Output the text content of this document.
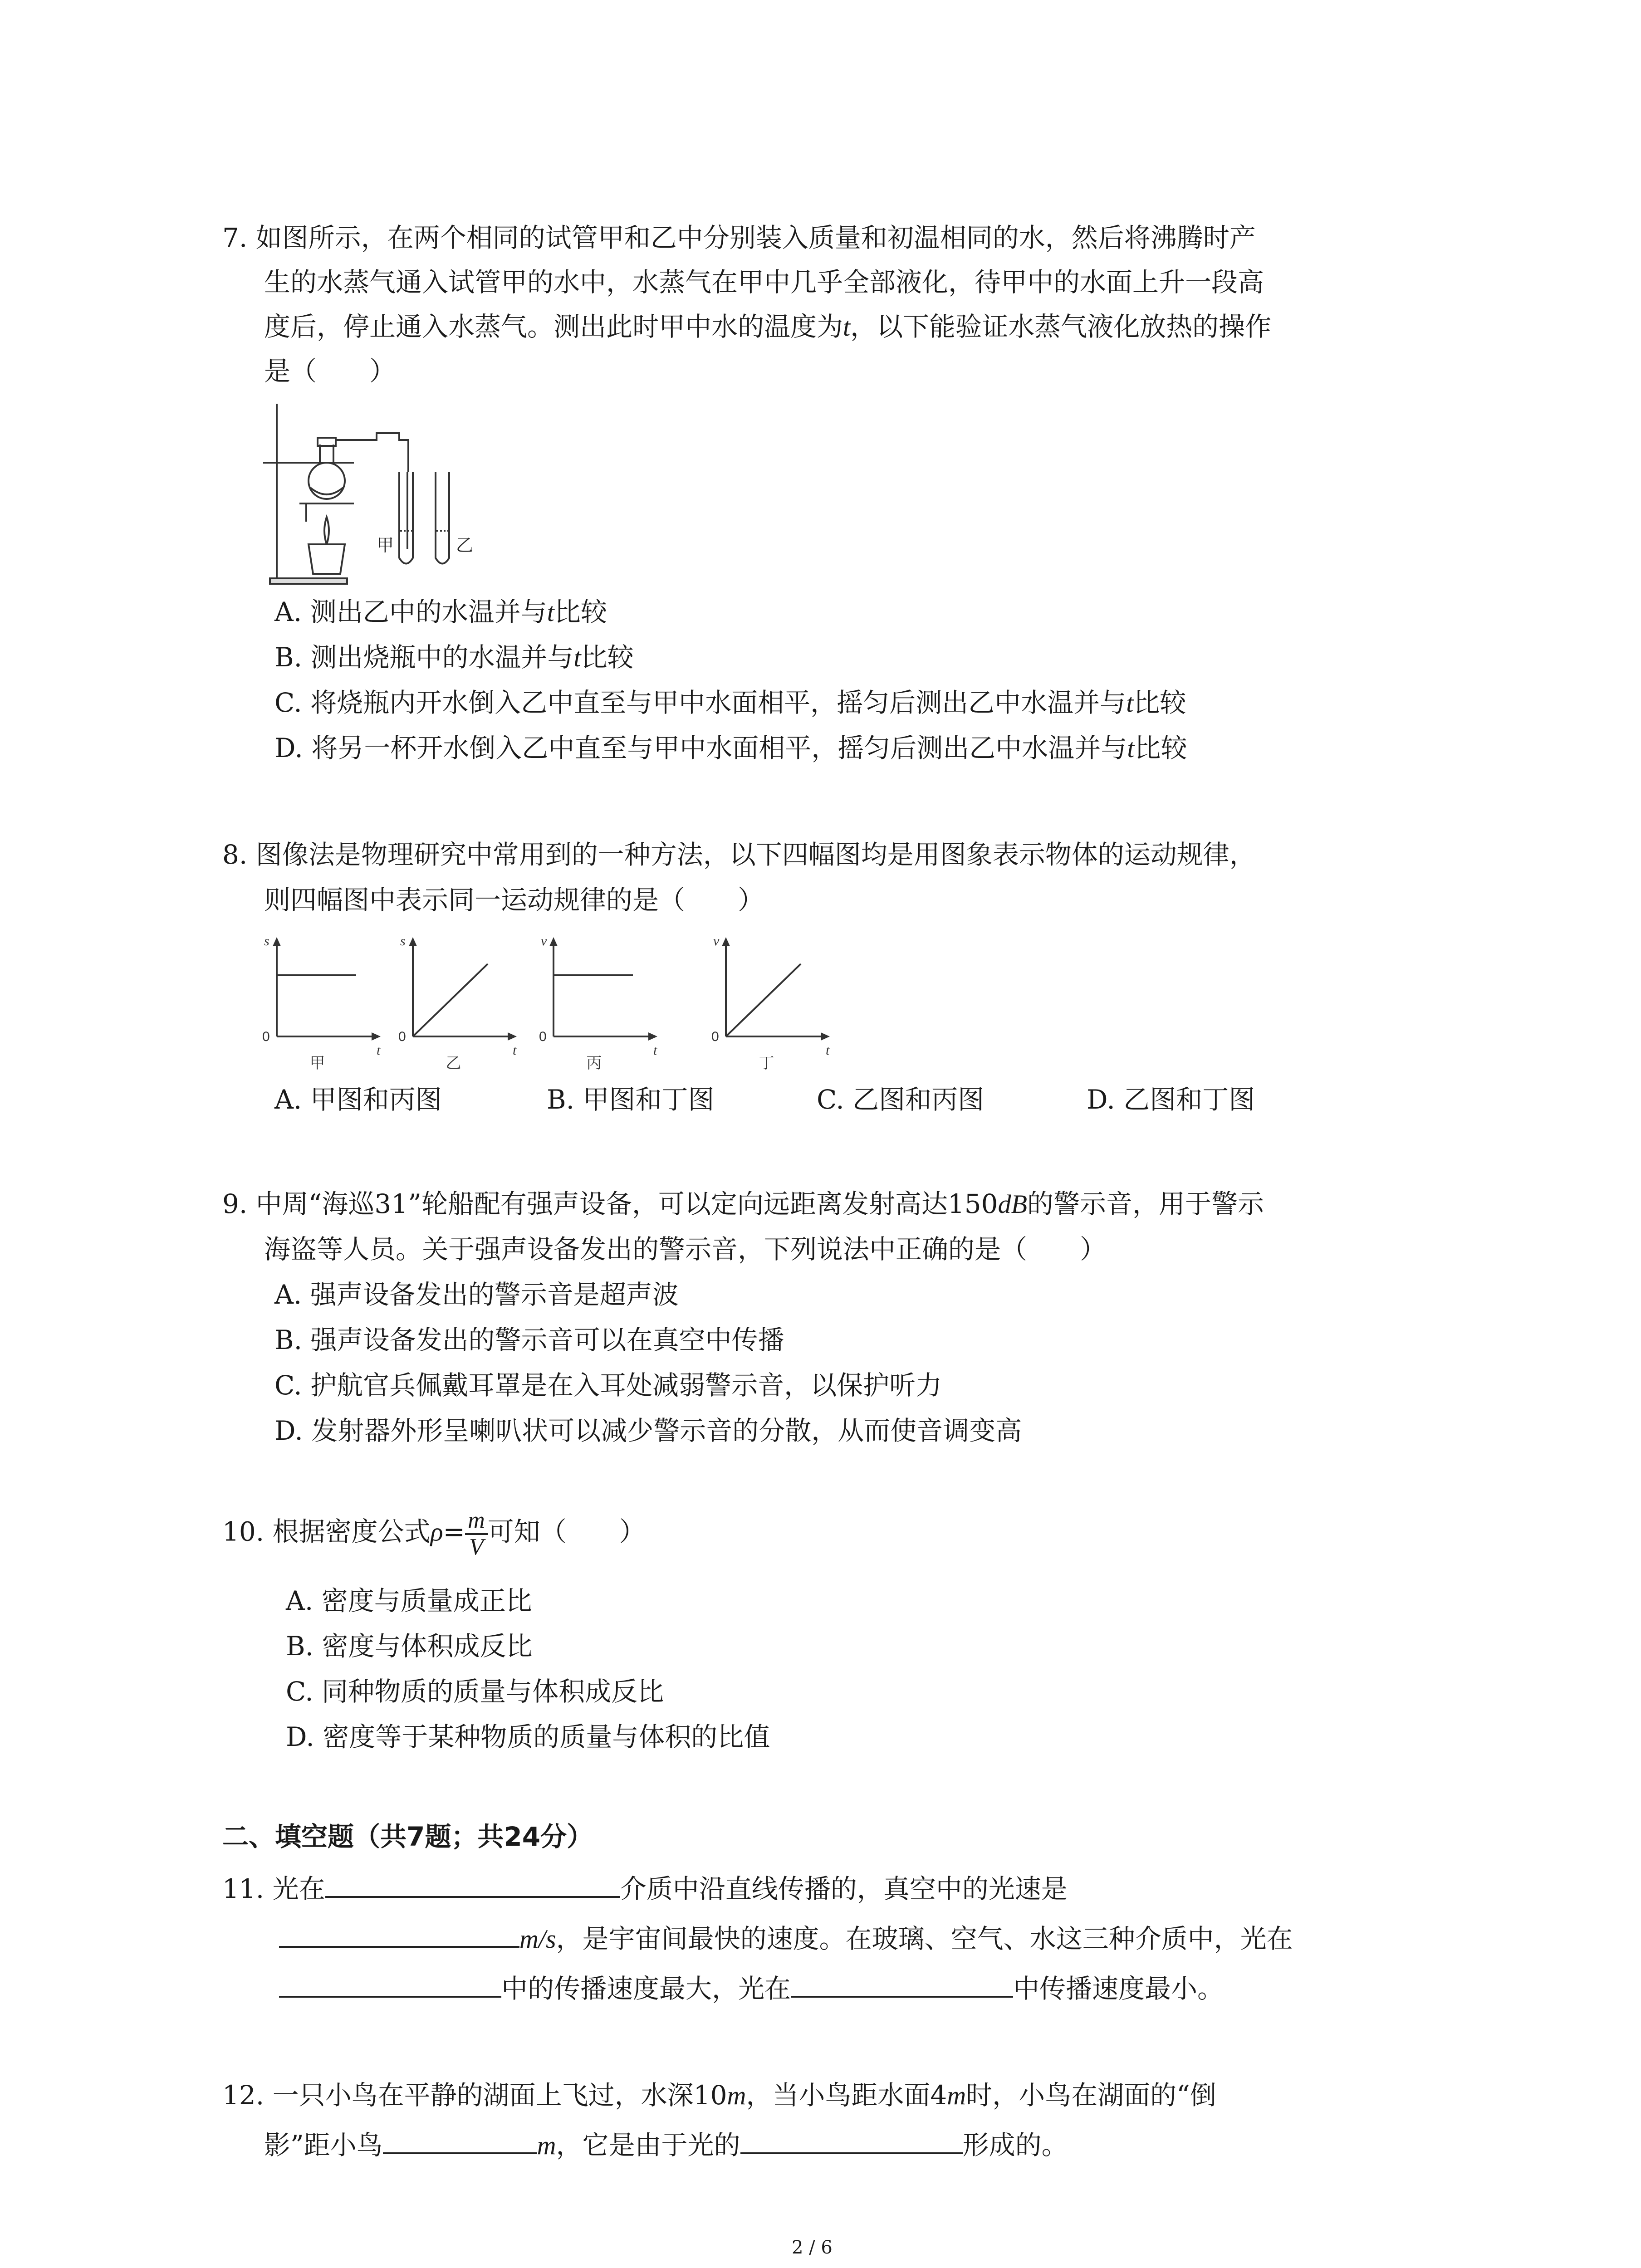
7. 如图所示，在两个相同的试管甲和乙中分别装入质量和初温相同的水，然后将沸腾时产
生的水蒸气通入试管甲的水中，水蒸气在甲中几乎全部液化，待甲中的水面上升一段高
度后，停止通入水蒸气。测出此时甲中水的温度为t，以下能验证水蒸气液化放热的操作
是（　　）
甲	乙
A. 测出乙中的水温并与t比较
B. 测出烧瓶中的水温并与t比较
C. 将烧瓶内开水倒入乙中直至与甲中水面相平，摇匀后测出乙中水温并与t比较
D. 将另一杯开水倒入乙中直至与甲中水面相平，摇匀后测出乙中水温并与t比较
8. 图像法是物理研究中常用到的一种方法，以下四幅图均是用图象表示物体的运动规律，
则四幅图中表示同一运动规律的是（　　）
s
0
t
甲
s
0
t
乙
v
0
t
丙
v
0
t
丁
A. 甲图和丙图	B. 甲图和丁图	C. 乙图和丙图	D. 乙图和丁图
9. 中周“海巡31”轮船配有强声设备，可以定向远距离发射高达150dB的警示音，用于警示
海盗等人员。关于强声设备发出的警示音，下列说法中正确的是（　　）
A. 强声设备发出的警示音是超声波
B. 强声设备发出的警示音可以在真空中传播
C. 护航官兵佩戴耳罩是在入耳处减弱警示音，以保护听力
D. 发射器外形呈喇叭状可以减少警示音的分散，从而使音调变高
10. 根据密度公式$\rho= \frac{m}{V}$ 可知（　　）
A. 密度与质量成正比
B. 密度与体积成反比
C. 同种物质的质量与体积成反比
D. 密度等于某种物质的质量与体积的比值
二、填空题（共7题；共24分）
11. 光在	介质中沿直线传播的，真空中的光速是
m/s，是宇宙间最快的速度。在玻璃、空气、水这三种介质中，光在
中的传播速度最大，光在	中传播速度最小。
12. 一只小鸟在平静的湖面上飞过，水深10m，当小鸟距水面4m时，小鸟在湖面的“倒
影”距小鸟	m，它是由于光的	形成的。
2 / 6
